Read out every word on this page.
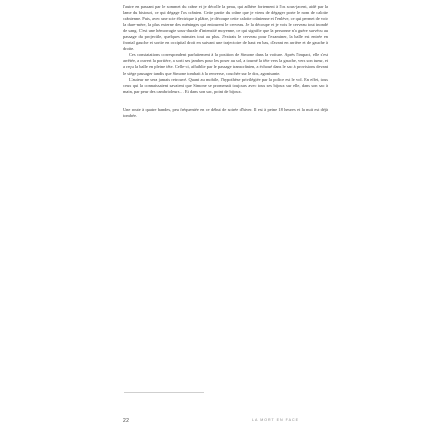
l'autre en passant par le sommet du crâne et je décolle la peau, qui adhère fortement à l'os sous-jacent, aidé par la lame du bistouri, ce qui dégage l'os crânien. Cette partie du crâne que je viens de dégager porte le nom de calotte crânienne. Puis, avec une scie électrique à plâtre, je découpe cette calotte crânienne et l'enlève, ce qui permet de voir la dure-mère, la plus externe des méninges qui entourent le cerveau. Je la découpe et je vois le cerveau tout inondé de sang. C'est une hémorragie sous-durale d'intensité moyenne, ce qui signifie que la personne n'a guère survécu au passage du projectile, quelques minutes tout au plus. J'extrais le cerveau pour l'examiner, la balle est entrée en frontal gauche et sortie en occipital droit en suivant une trajectoire de haut en bas, d'avant en arrière et de gauche à droite.

Ces constatations correspondent parfaitement à la position de Simone dans la voiture. Après l'impact, elle s'est arrêtée, a ouvert la portière, a sorti ses jambes pour les poser au sol, a tourné la tête vers la gauche, vers son tueur, et a reçu la balle en pleine tête. Celle-ci, affaiblie par le passage transcrânien, a échoué dans le sac à provisions devant le siège passager tandis que Simone tombait à la renverse, couchée sur le dos, agonisante.

L'auteur ne sera jamais retrouvé. Quant au mobile, l'hypothèse privilégiée par la police est le vol. En effet, tous ceux qui la connaissaient savaient que Simone se promenait toujours avec tous ses bijoux sur elle, dans son sac à main, par peur des cambrioleurs… Et dans son sac, point de bijoux.

Une route à quatre bandes, peu fréquentée en ce début de soirée d'hiver. Il est à peine 18 heures et la nuit est déjà tombée.

22	LA MORT EN FACE
